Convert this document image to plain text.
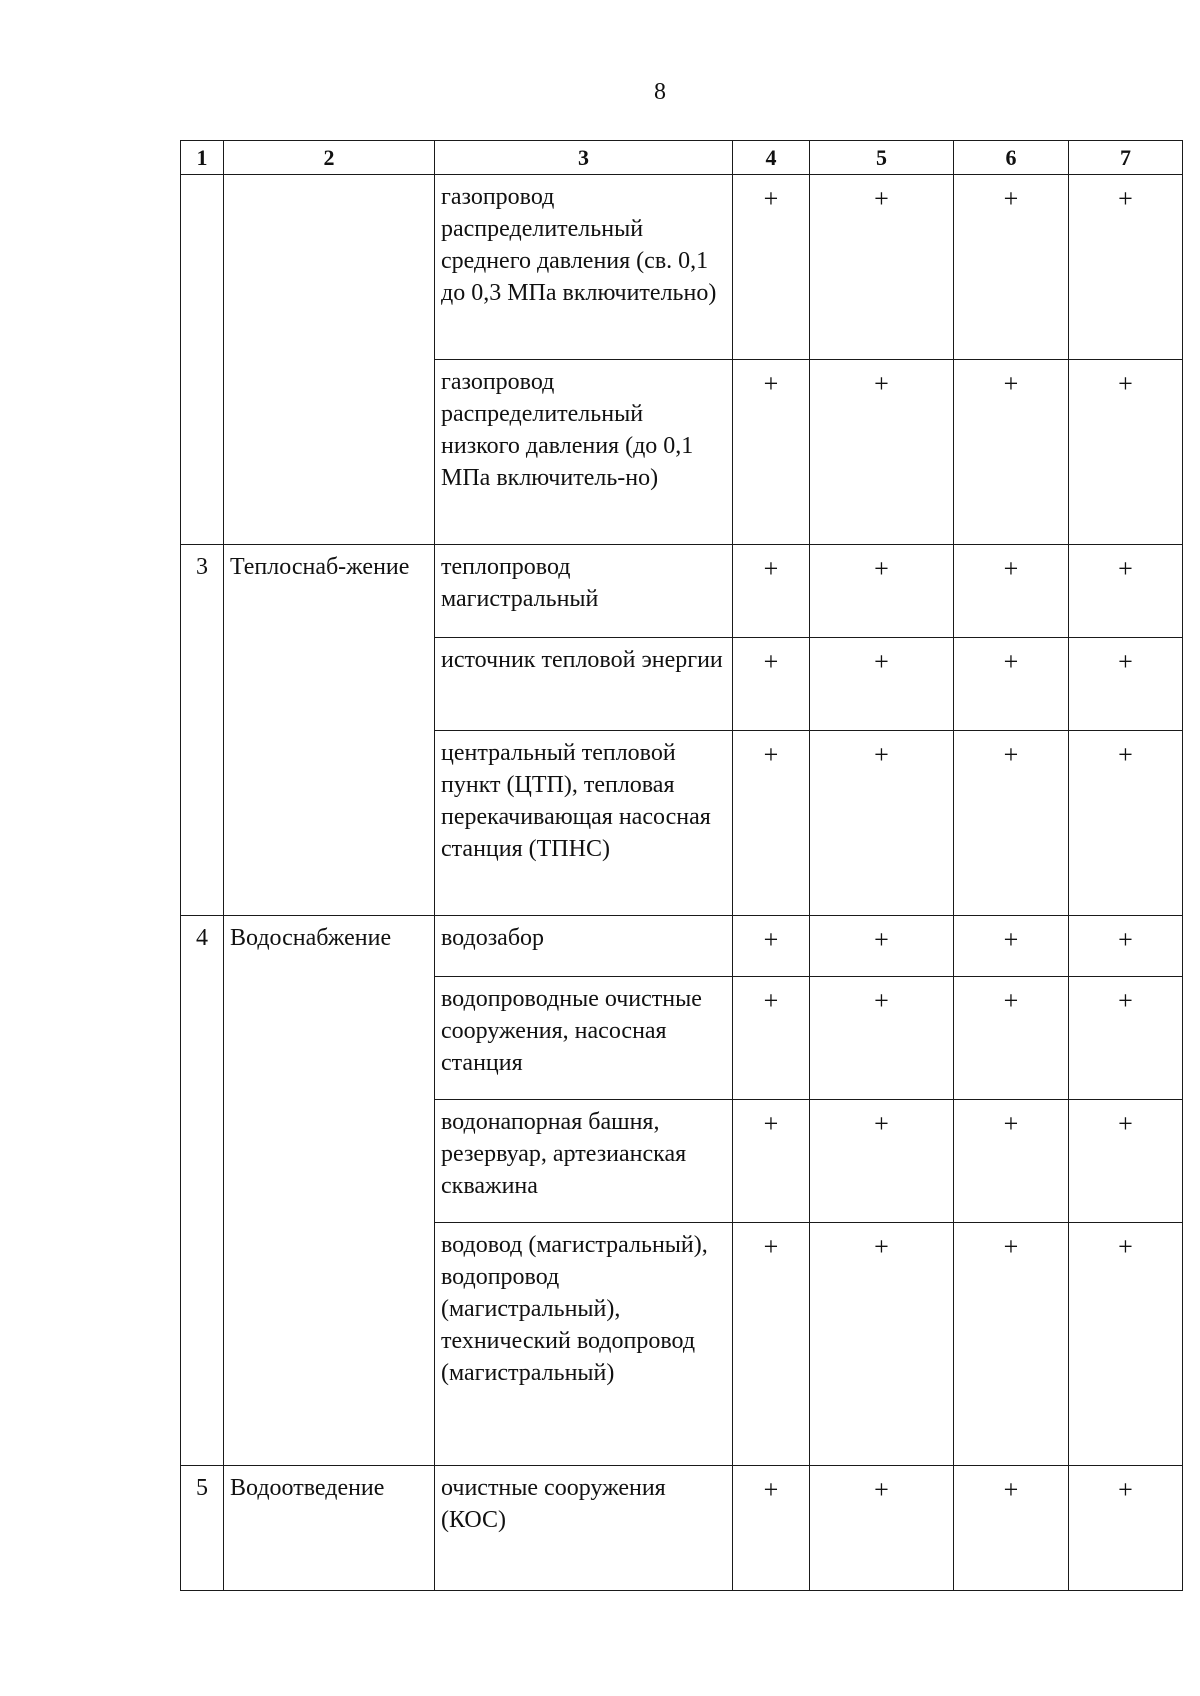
8
1	2	3	4	5	6	7
		газопровод распределительный среднего давления (св. 0,1 до 0,3 МПа включительно)	+	+	+	+
		газопровод распределительный низкого давления (до 0,1 МПа включитель-но)	+	+	+	+
3	Теплоснаб-жение	теплопровод магистральный	+	+	+	+
		источник тепловой энергии	+	+	+	+
		центральный тепловой пункт (ЦТП), тепловая перекачивающая насосная станция (ТПНС)	+	+	+	+
4	Водоснабжение	водозабор	+	+	+	+
		водопроводные очистные сооружения, насосная станция	+	+	+	+
		водонапорная башня, резервуар, артезианская скважина	+	+	+	+
		водовод (магистральный), водопровод (магистральный), технический водопровод (магистральный)	+	+	+	+
5	Водоотведение	очистные сооружения (КОС)	+	+	+	+
